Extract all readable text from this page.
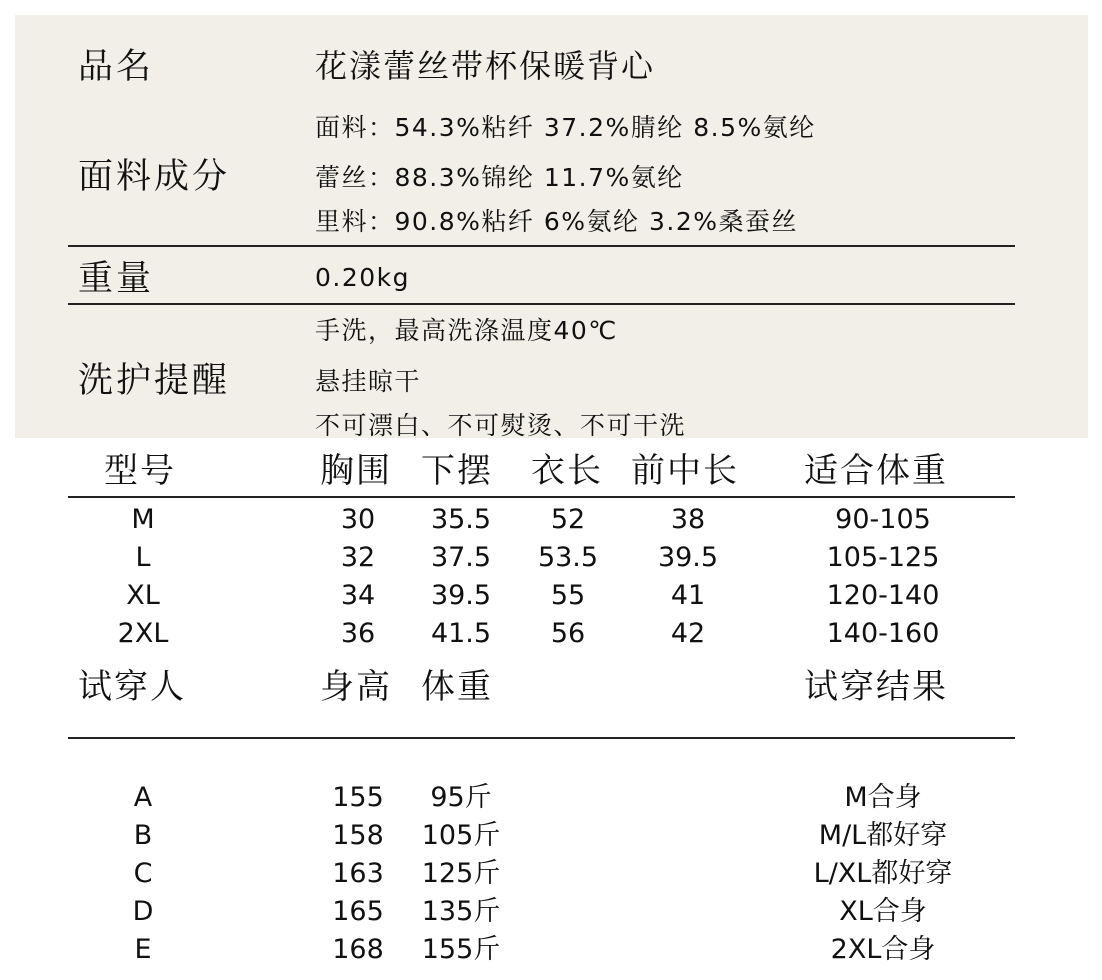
品名	花漾蕾丝带杯保暖背心
面料成分
面料：54.3%粘纤 37.2%腈纶 8.5%氨纶
蕾丝：88.3%锦纶 11.7%氨纶
里料：90.8%粘纤 6%氨纶 3.2%桑蚕丝
重量	0.20kg
洗护提醒
手洗，最高洗涤温度40℃
悬挂晾干
不可漂白、不可熨烫、不可干洗
型号	胸围 下摆 衣长 前中长 适合体重
M	30 35.5 52	38	90-105
L	32 37.5 53.5 39.5	105-125
XL	34 39.5 55	41	120-140
2XL	36 41.5 56	42	140-160
试穿人	身高 体重	试穿结果
A	155 95斤	M合身
B	158 105斤	M/L都好穿
C	163 125斤	L/XL都好穿
D	165 135斤	XL合身
E	168 155斤	2XL合身
